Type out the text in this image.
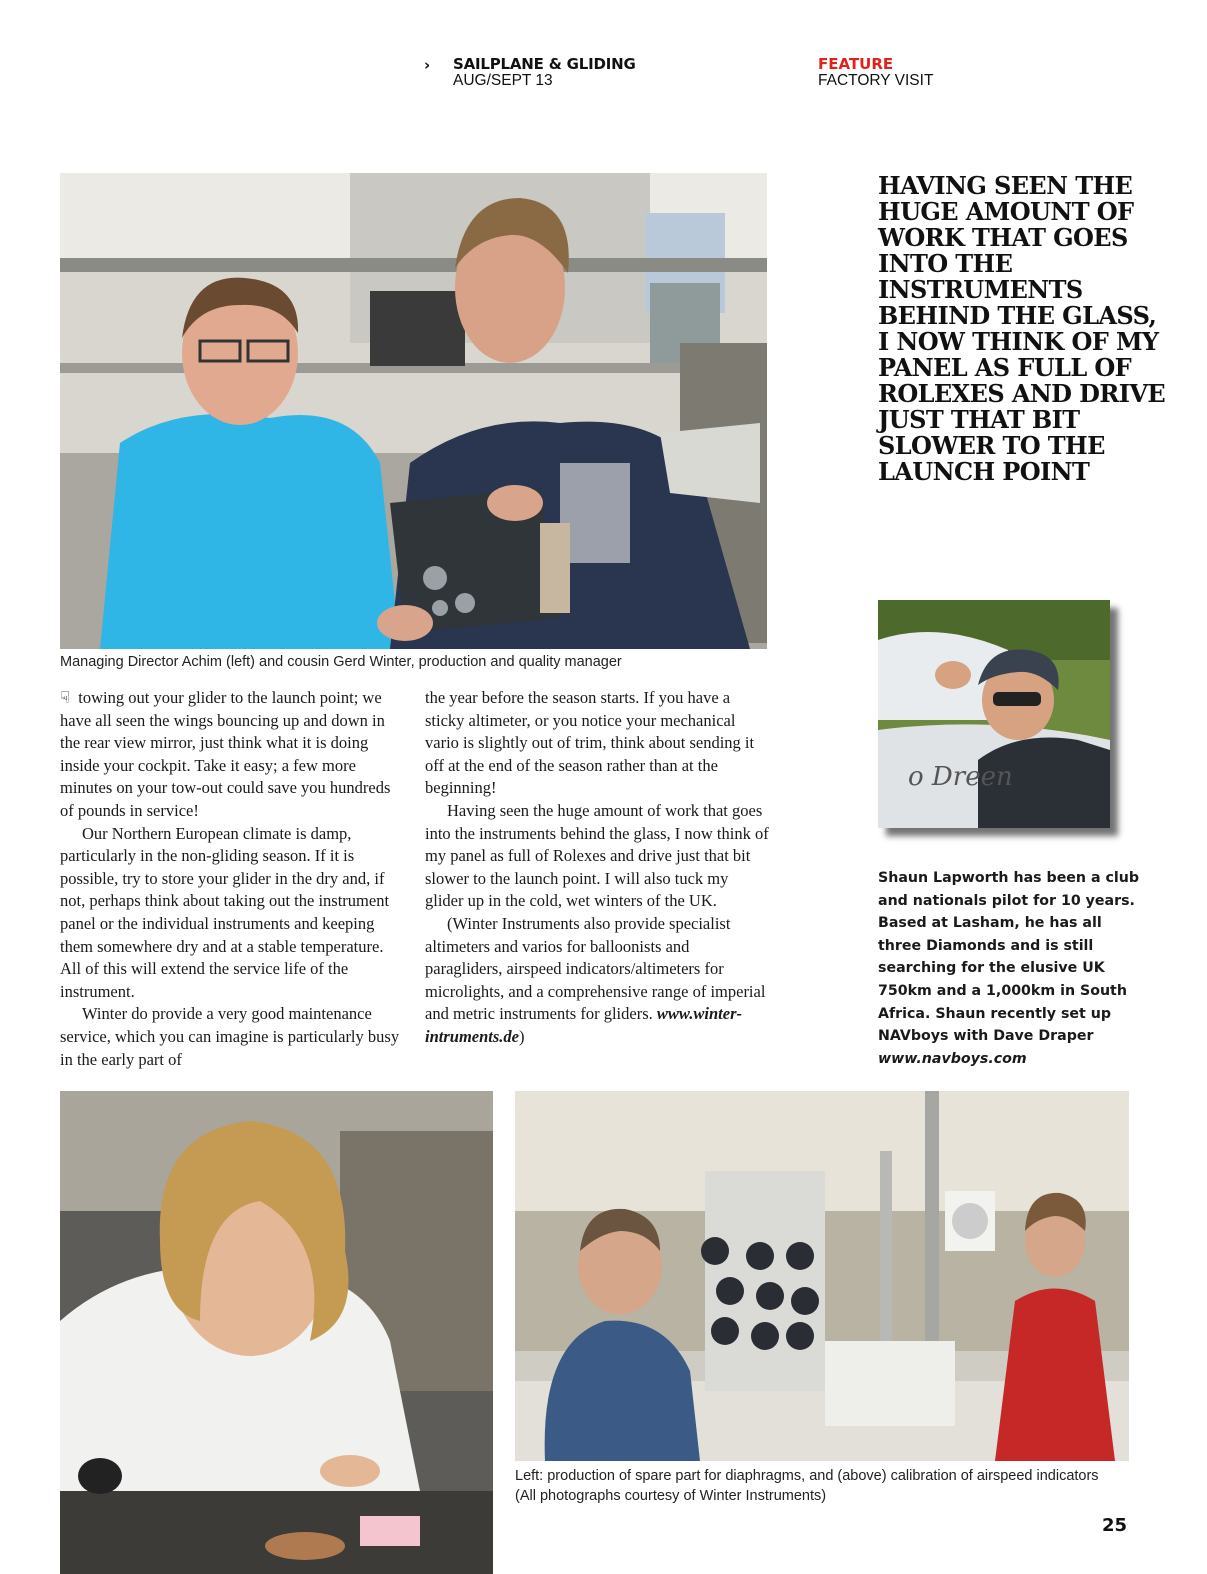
› SAILPLANE & GLIDING
AUG/SEPT 13
FEATURE
FACTORY VISIT
Managing Director Achim (left) and cousin Gerd Winter, production and quality manager

☟ towing out your glider to the launch point; we have all seen the wings bouncing up and down in the rear view mirror, just think what it is doing inside your cockpit. Take it easy; a few more minutes on your tow-out could save you hundreds of pounds in service!

Our Northern European climate is damp, particularly in the non-gliding season. If it is possible, try to store your glider in the dry and, if not, perhaps think about taking out the instrument panel or the individual instruments and keeping them somewhere dry and at a stable temperature. All of this will extend the service life of the instrument.

Winter do provide a very good maintenance service, which you can imagine is particularly busy in the early part of

the year before the season starts. If you have a sticky altimeter, or you notice your mechanical vario is slightly out of trim, think about sending it off at the end of the season rather than at the beginning!

Having seen the huge amount of work that goes into the instruments behind the glass, I now think of my panel as full of Rolexes and drive just that bit slower to the launch point. I will also tuck my glider up in the cold, wet winters of the UK.

(Winter Instruments also provide specialist altimeters and varios for balloonists and paragliders, airspeed indicators/altimeters for microlights, and a comprehensive range of imperial and metric instruments for gliders. www.winter-intruments.de)

HAVING SEEN THE HUGE AMOUNT OF WORK THAT GOES INTO THE INSTRUMENTS BEHIND THE GLASS, I NOW THINK OF MY PANEL AS FULL OF ROLEXES AND DRIVE JUST THAT BIT SLOWER TO THE LAUNCH POINT
o Dreen
Shaun Lapworth has been a club and nationals pilot for 10 years. Based at Lasham, he has all three Diamonds and is still searching for the elusive UK 750km and a 1,000km in South Africa. Shaun recently set up NAVboys with Dave Draper
www.navboys.com
Left: production of spare part for diaphragms, and (above) calibration of airspeed indicators (All photographs courtesy of Winter Instruments)
25
